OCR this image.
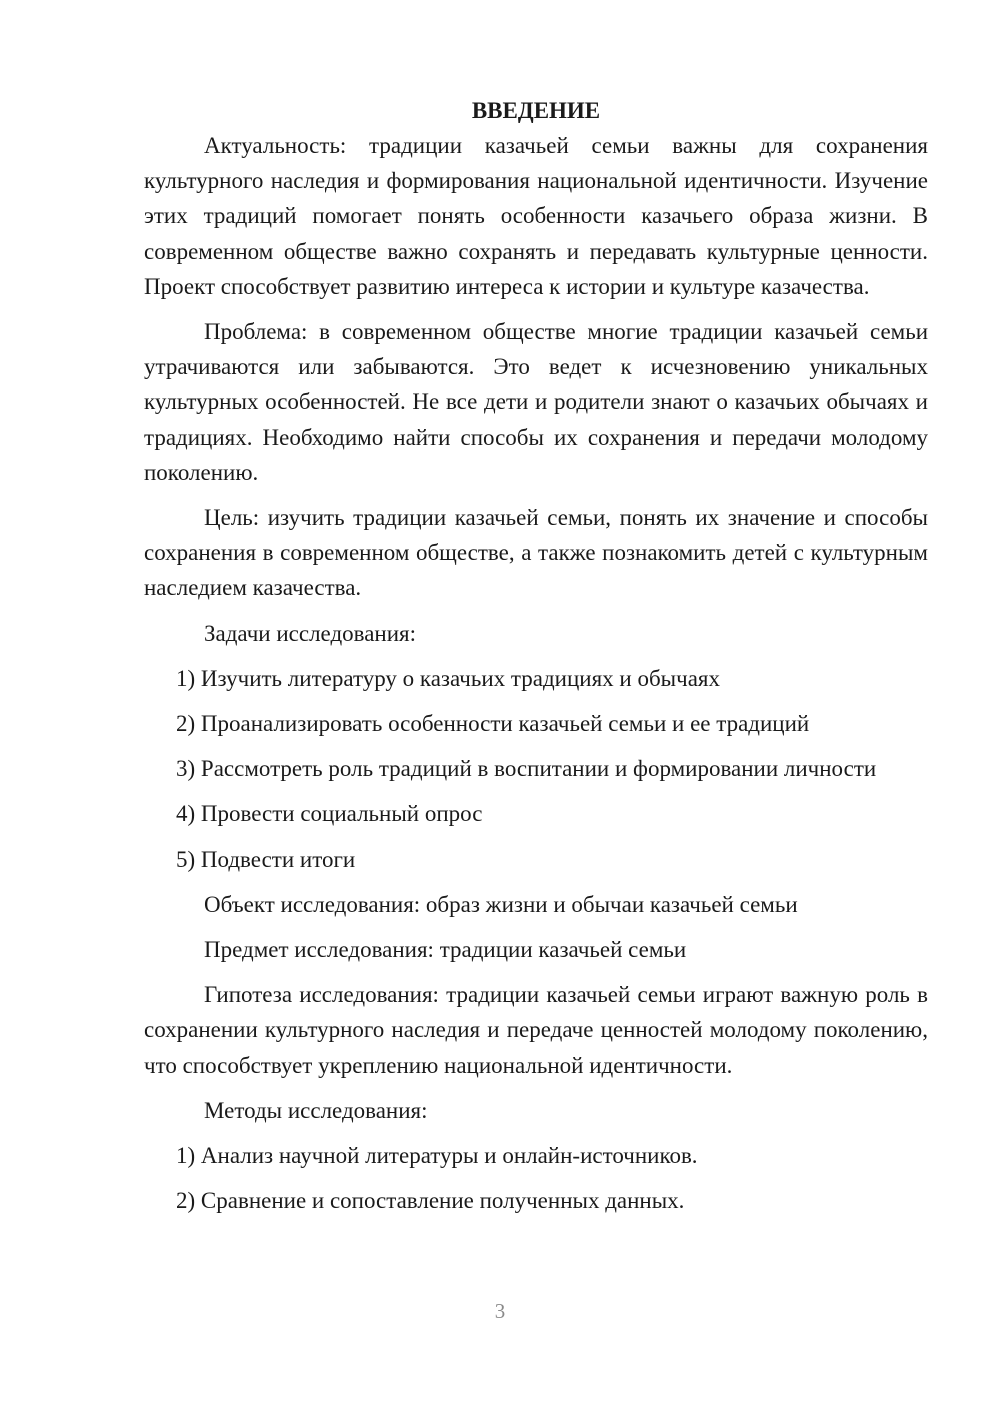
ВВЕДЕНИЕ

Актуальность: традиции казачьей семьи важны для сохранения культурного наследия и формирования национальной идентичности. Изучение этих традиций помогает понять особенности казачьего образа жизни. В современном обществе важно сохранять и передавать культурные ценности. Проект способствует развитию интереса к истории и культуре казачества.

Проблема: в современном обществе многие традиции казачьей семьи утрачиваются или забываются. Это ведет к исчезновению уникальных культурных особенностей. Не все дети и родители знают о казачьих обычаях и традициях. Необходимо найти способы их сохранения и передачи молодому поколению.

Цель: изучить традиции казачьей семьи, понять их значение и способы сохранения в современном обществе, а также познакомить детей с культурным наследием казачества.

Задачи исследования:

1) Изучить литературу о казачьих традициях и обычаях

2) Проанализировать особенности казачьей семьи и ее традиций

3) Рассмотреть роль традиций в воспитании и формировании личности

4) Провести социальный опрос

5) Подвести итоги

Объект исследования: образ жизни и обычаи казачьей семьи

Предмет исследования: традиции казачьей семьи

Гипотеза исследования: традиции казачьей семьи играют важную роль в сохранении культурного наследия и передаче ценностей молодому поколению, что способствует укреплению национальной идентичности.

Методы исследования:

1) Анализ научной литературы и онлайн-источников.

2) Сравнение и сопоставление полученных данных.

3
